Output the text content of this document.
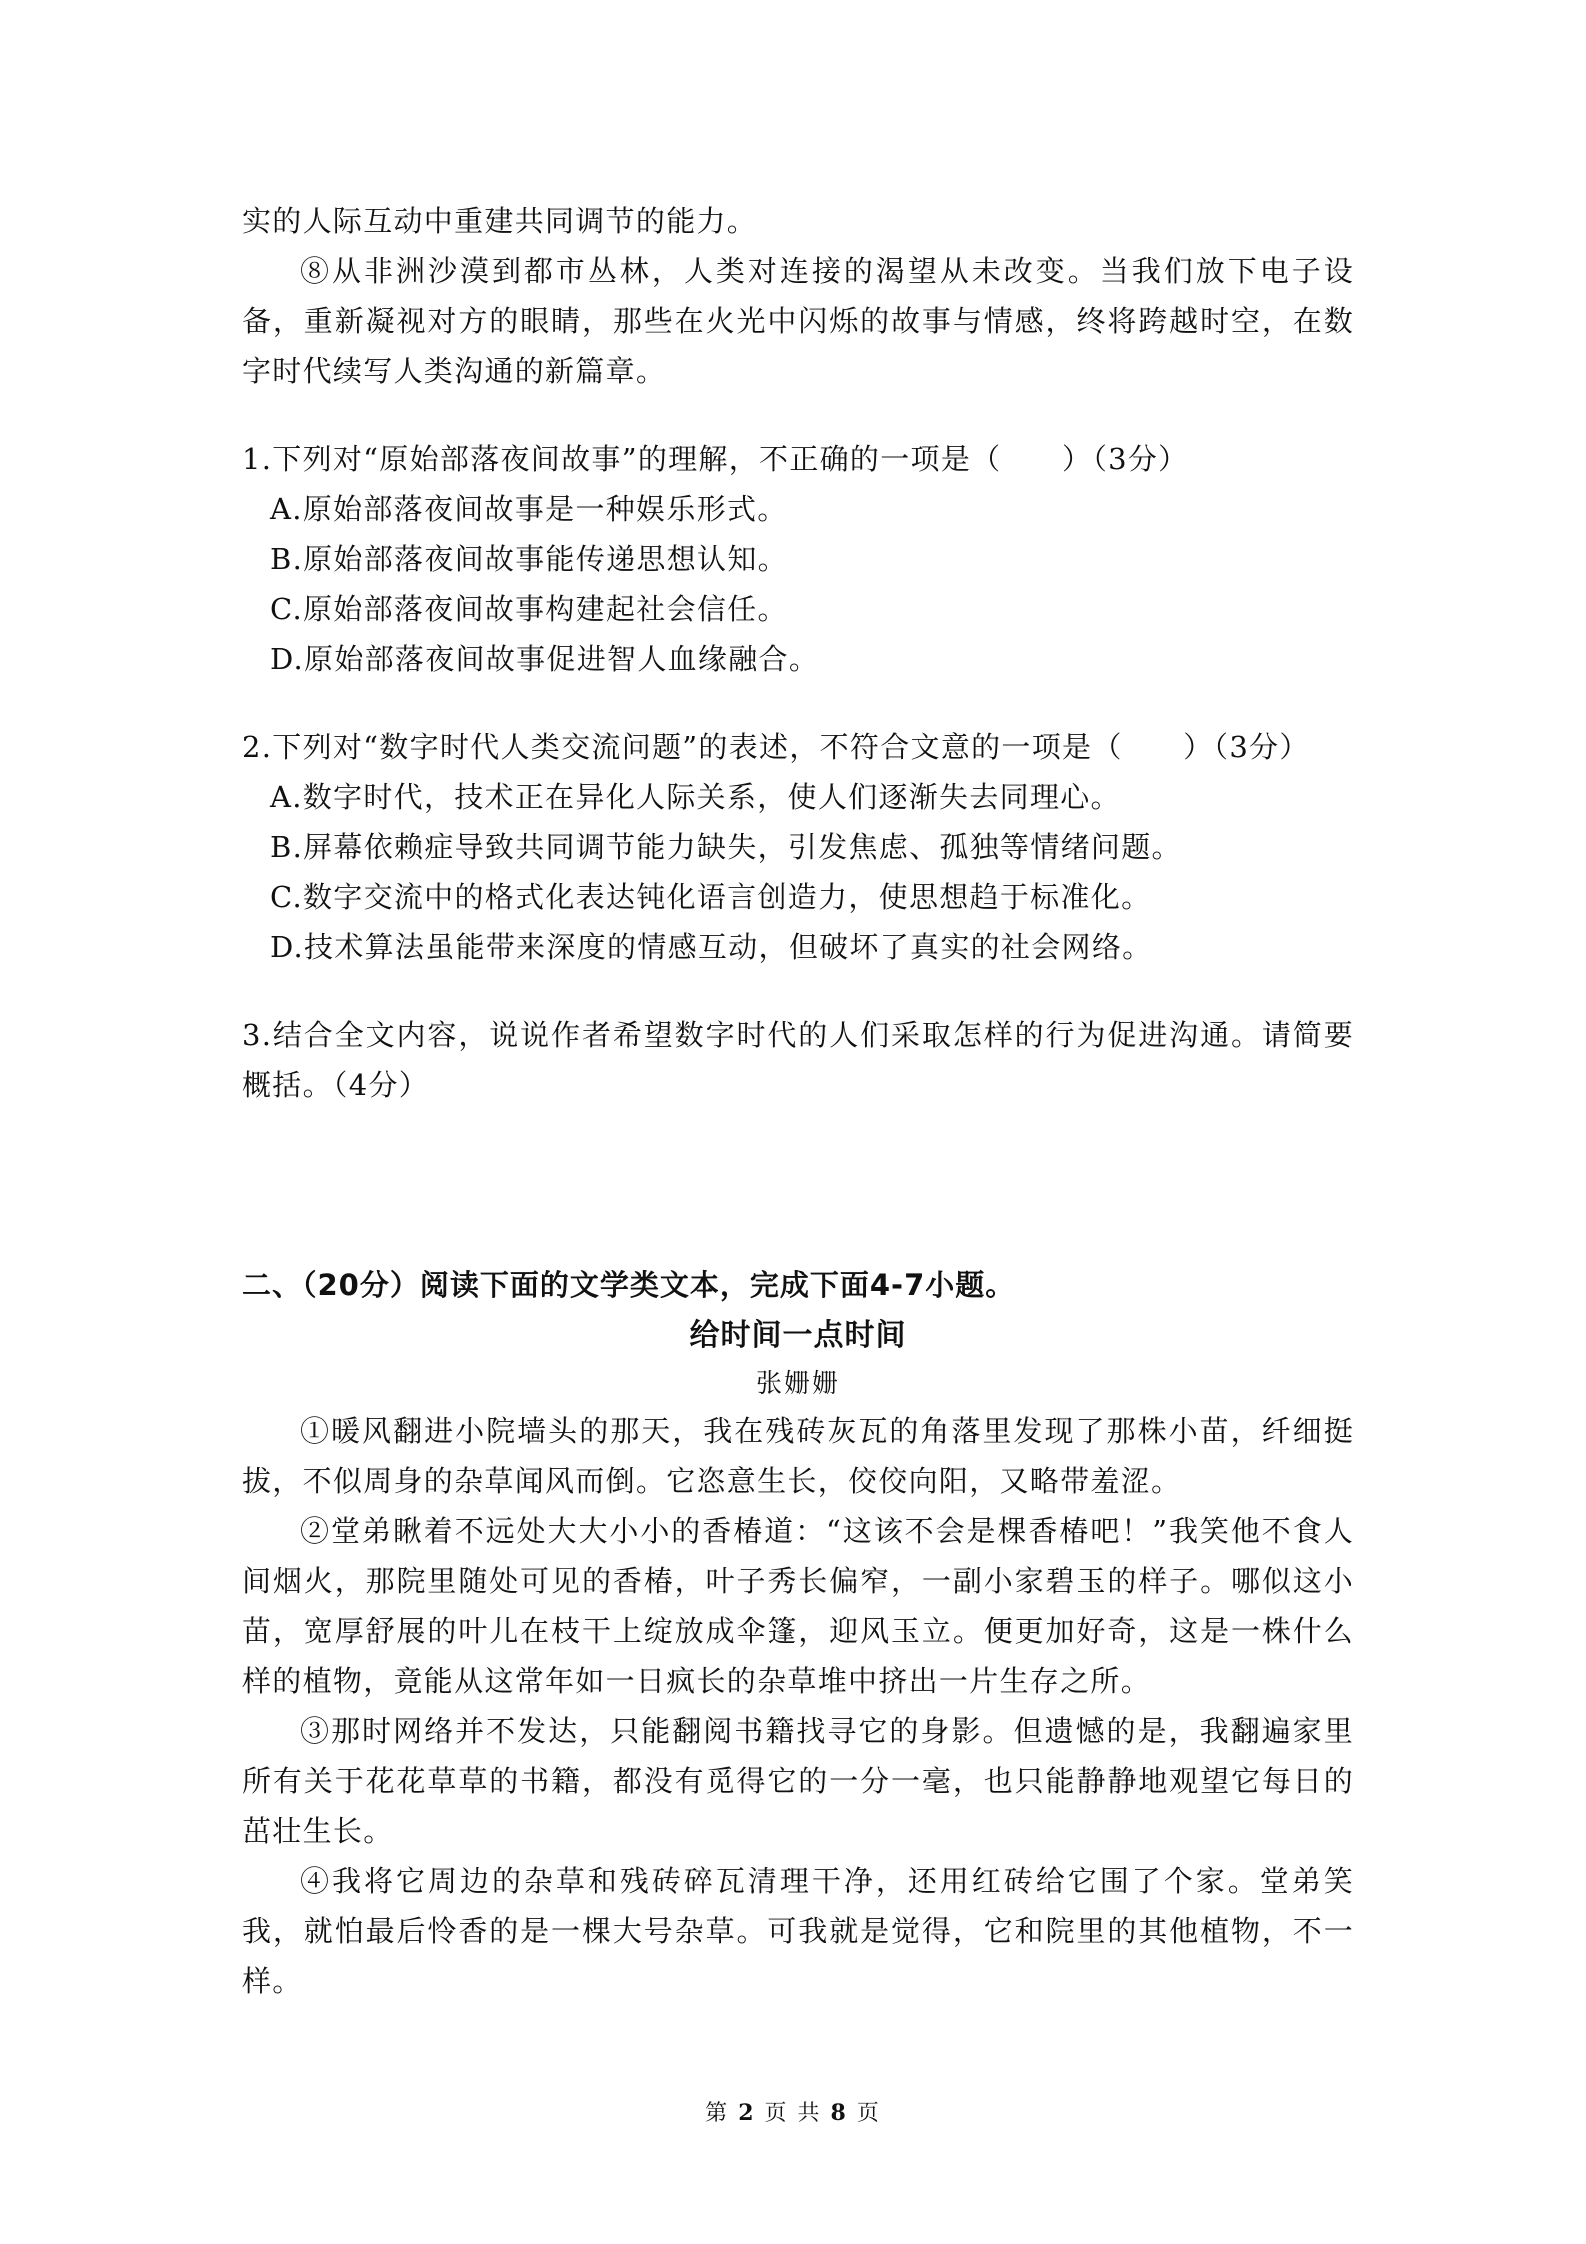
实的人际互动中重建共同调节的能力。

⑧从非洲沙漠到都市丛林，人类对连接的渴望从未改变。当我们放下电子设备，重新凝视对方的眼睛，那些在火光中闪烁的故事与情感，终将跨越时空，在数字时代续写人类沟通的新篇章。

1.下列对“原始部落夜间故事”的理解，不正确的一项是（　　）（3分）

A.原始部落夜间故事是一种娱乐形式。

B.原始部落夜间故事能传递思想认知。

C.原始部落夜间故事构建起社会信任。

D.原始部落夜间故事促进智人血缘融合。

2.下列对“数字时代人类交流问题”的表述，不符合文意的一项是（　　）（3分）

A.数字时代，技术正在异化人际关系，使人们逐渐失去同理心。

B.屏幕依赖症导致共同调节能力缺失，引发焦虑、孤独等情绪问题。

C.数字交流中的格式化表达钝化语言创造力，使思想趋于标准化。

D.技术算法虽能带来深度的情感互动，但破坏了真实的社会网络。

3.结合全文内容，说说作者希望数字时代的人们采取怎样的行为促进沟通。请简要概括。（4分）

二、（20分）阅读下面的文学类文本，完成下面4-7小题。
给时间一点时间
张姗姗

①暖风翻进小院墙头的那天，我在残砖灰瓦的角落里发现了那株小苗，纤细挺拔，不似周身的杂草闻风而倒。它恣意生长，佼佼向阳，又略带羞涩。

②堂弟瞅着不远处大大小小的香椿道：“这该不会是棵香椿吧！”我笑他不食人间烟火，那院里随处可见的香椿，叶子秀长偏窄，一副小家碧玉的样子。哪似这小苗，宽厚舒展的叶儿在枝干上绽放成伞篷，迎风玉立。便更加好奇，这是一株什么样的植物，竟能从这常年如一日疯长的杂草堆中挤出一片生存之所。

③那时网络并不发达，只能翻阅书籍找寻它的身影。但遗憾的是，我翻遍家里所有关于花花草草的书籍，都没有觅得它的一分一毫，也只能静静地观望它每日的茁壮生长。

④我将它周边的杂草和残砖碎瓦清理干净，还用红砖给它围了个家。堂弟笑我，就怕最后怜香的是一棵大号杂草。可我就是觉得，它和院里的其他植物，不一样。

第 2 页 共 8 页
